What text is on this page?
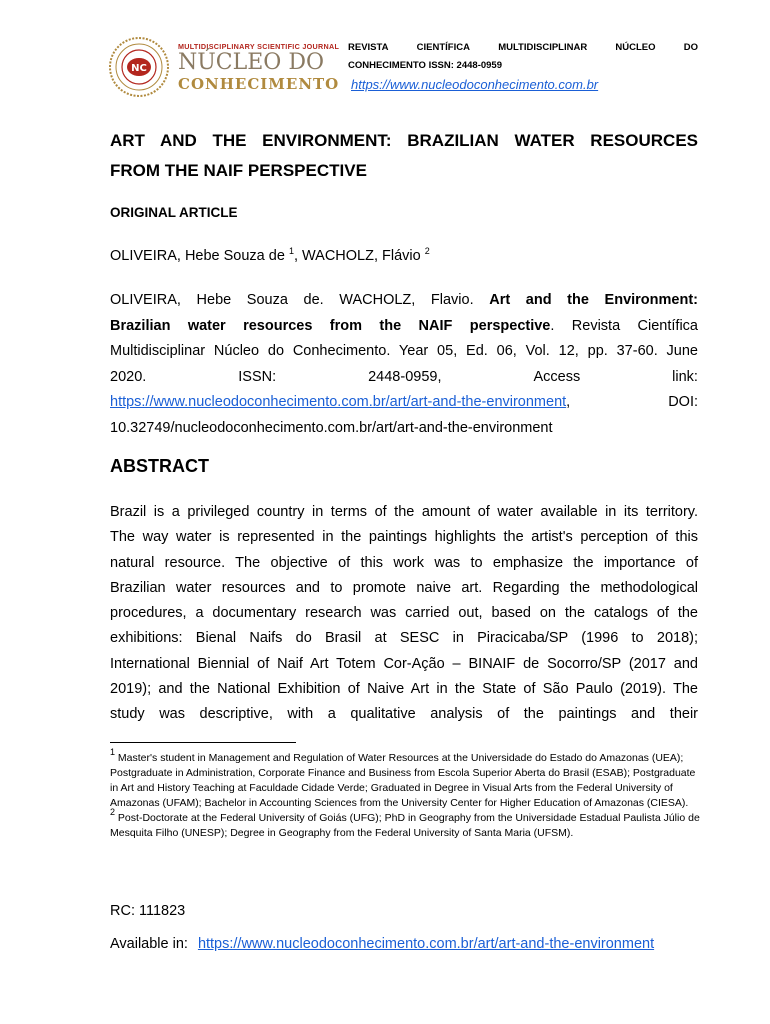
NC
MULTIDISCIPLINARY SCIENTIFIC JOURNAL
NÚCLEO DO
CONHECIMENTO
REVISTA	CIENTÍFICA	MULTIDISCIPLINAR	NÚCLEO	DO
CONHECIMENTO ISSN: 2448-0959
https://www.nucleodoconhecimento.com.br
ART AND THE ENVIRONMENT: BRAZILIAN WATER RESOURCES
FROM THE NAIF PERSPECTIVE
ORIGINAL ARTICLE
OLIVEIRA, Hebe Souza de $^1$, WACHOLZ, Flávio $^2$
OLIVEIRA, Hebe Souza de. WACHOLZ, Flavio. Art and the Environment:
Brazilian water resources from the NAIF perspective. Revista Científica
Multidisciplinar Núcleo do Conhecimento. Year 05, Ed. 06, Vol. 12, pp. 37-60. June
2020.	ISSN:	2448-0959,	Access	link:
https://www.nucleodoconhecimento.com.br/art/art-and-the-environment,	DOI:
10.32749/nucleodoconhecimento.com.br/art/art-and-the-environment
ABSTRACT
Brazil is a privileged country in terms of the amount of water available in its territory.
The way water is represented in the paintings highlights the artist's perception of this
natural resource. The objective of this work was to emphasize the importance of
Brazilian water resources and to promote naive art. Regarding the methodological
procedures, a documentary research was carried out, based on the catalogs of the
exhibitions: Bienal Naifs do Brasil at SESC in Piracicaba/SP (1996 to 2018);
International Biennial of Naif Art Totem Cor-Ação – BINAIF de Socorro/SP (2017 and
2019); and the National Exhibition of Naive Art in the State of São Paulo (2019). The
study was descriptive, with a qualitative analysis of the paintings and their
$^1$ Master's student in Management and Regulation of Water Resources at the Universidade do Estado do Amazonas (UEA); Postgraduate in Administration, Corporate Finance and Business from Escola Superior Aberta do Brasil (ESAB); Postgraduate in Art and History Teaching at Faculdade Cidade Verde; Graduated in Degree in Visual Arts from the Federal University of Amazonas (UFAM); Bachelor in Accounting Sciences from the University Center for Higher Education of Amazonas (CIESA).
$^2$ Post-Doctorate at the Federal University of Goiás (UFG); PhD in Geography from the Universidade Estadual Paulista Júlio de Mesquita Filho (UNESP); Degree in Geography from the Federal University of Santa Maria (UFSM).
RC: 111823
Available in: https://www.nucleodoconhecimento.com.br/art/art-and-the-environment
